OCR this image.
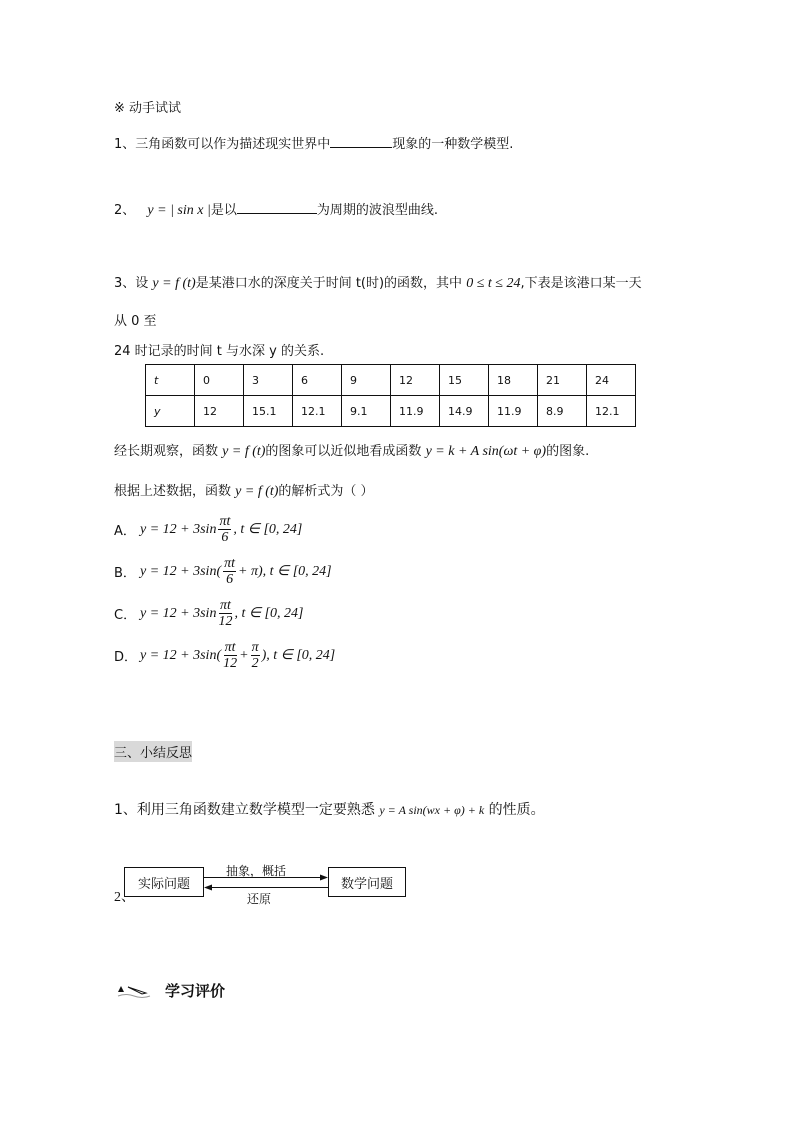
※ 动手试试
1、三角函数可以作为描述现实世界中	现象的一种数学模型.
2、 y = | sin x |是以	为周期的波浪型曲线.
3、设 y = f (t)是某港口水的深度关于时间 t(时)的函数，其中 0 ≤ t ≤ 24,下表是该港口某一天
从 0 至
24 时记录的时间 t 与水深 y 的关系.
t	0	3	6	9	12	15	18	21	24
y	12	15.1	12.1	9.1	11.9	14.9	11.9	8.9	12.1
经长期观察，函数 y = f (t)的图象可以近似地看成函数 y = k + A sin(ωt + φ)的图象.
根据上述数据，函数 y = f (t)的解析式为（ ）
A． $y = 12 + 3\sin \frac{\pi t}{6}$ , t ∈ [0, 24]
B． $y = 12 + 3\sin( \frac{\pi t}{6} + \pi)$, t ∈ [0, 24]
C． $y = 12 + 3\sin \frac{\pi t}{12}$ , t ∈ [0, 24]
D． $y = 12 + 3\sin( \frac{\pi t}{12} + \frac{\pi}{2}$ ), t ∈ [0, 24]
三、小结反思
1、利用三角函数建立数学模型一定要熟悉 y = A sin(wx + φ) + k 的性质。
2、
实际问题	数学问题
抽象，概括
还原
学习评价
